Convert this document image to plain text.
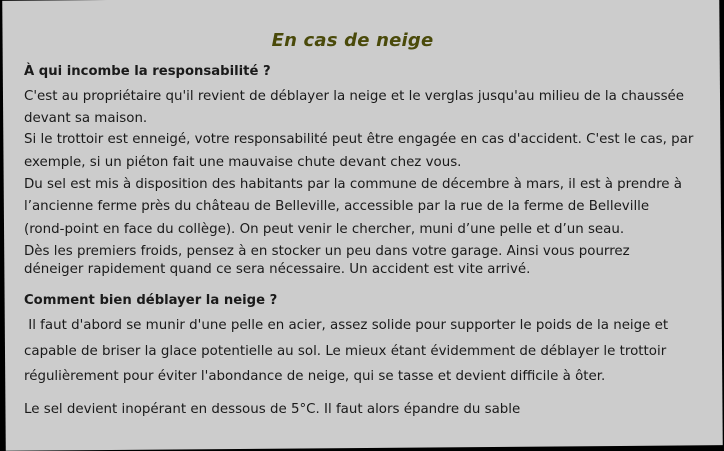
En cas de neige
À qui incombe la responsabilité ?

C'est au propriétaire qu'il revient de déblayer la neige et le verglas jusqu'au milieu de la chaussée

devant sa maison.

Si le trottoir est enneigé, votre responsabilité peut être engagée en cas d'accident. C'est le cas, par

exemple, si un piéton fait une mauvaise chute devant chez vous.

Du sel est mis à disposition des habitants par la commune de décembre à mars, il est à prendre à

l’ancienne ferme près du château de Belleville, accessible par la rue de la ferme de Belleville

(rond-point en face du collège). On peut venir le chercher, muni d’une pelle et d’un seau.

Dès les premiers froids, pensez à en stocker un peu dans votre garage. Ainsi vous pourrez

déneiger rapidement quand ce sera nécessaire. Un accident est vite arrivé.

Comment bien déblayer la neige ?

Il faut d'abord se munir d'une pelle en acier, assez solide pour supporter le poids de la neige et

capable de briser la glace potentielle au sol. Le mieux étant évidemment de déblayer le trottoir

régulièrement pour éviter l'abondance de neige, qui se tasse et devient difficile à ôter.

Le sel devient inopérant en dessous de 5°C. Il faut alors épandre du sable
